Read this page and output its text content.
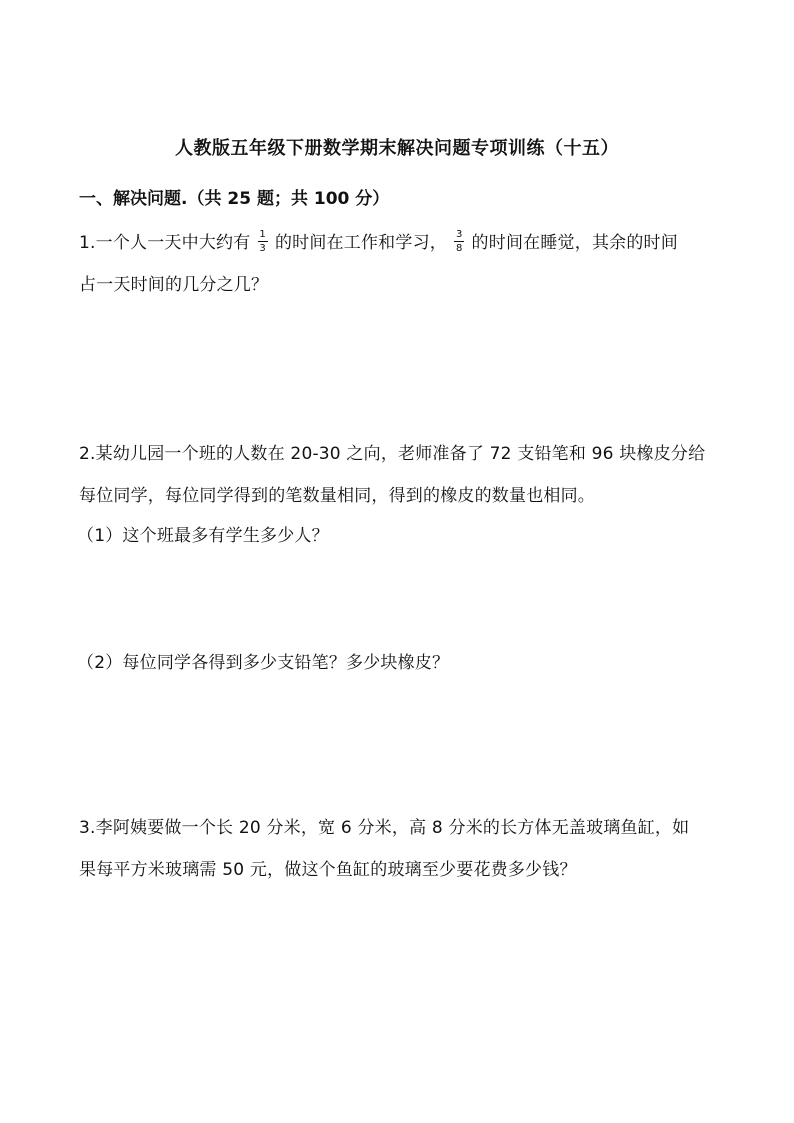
人教版五年级下册数学期末解决问题专项训练（十五）
一、解决问题.（共 25 题；共 100 分）
1.一个人一天中大约有 $\frac{1}{3}$ 的时间在工作和学习， $\frac{3}{8}$ 的时间在睡觉，其余的时间
占一天时间的几分之几？
2.某幼儿园一个班的人数在 20-30 之向，老师准备了 72 支铅笔和 96 块橡皮分给
每位同学，每位同学得到的笔数量相同，得到的橡皮的数量也相同。
（1）这个班最多有学生多少人？
（2）每位同学各得到多少支铅笔？多少块橡皮？
3.李阿姨要做一个长 20 分米，宽 6 分米，高 8 分米的长方体无盖玻璃鱼缸，如
果每平方米玻璃需 50 元，做这个鱼缸的玻璃至少要花费多少钱？
